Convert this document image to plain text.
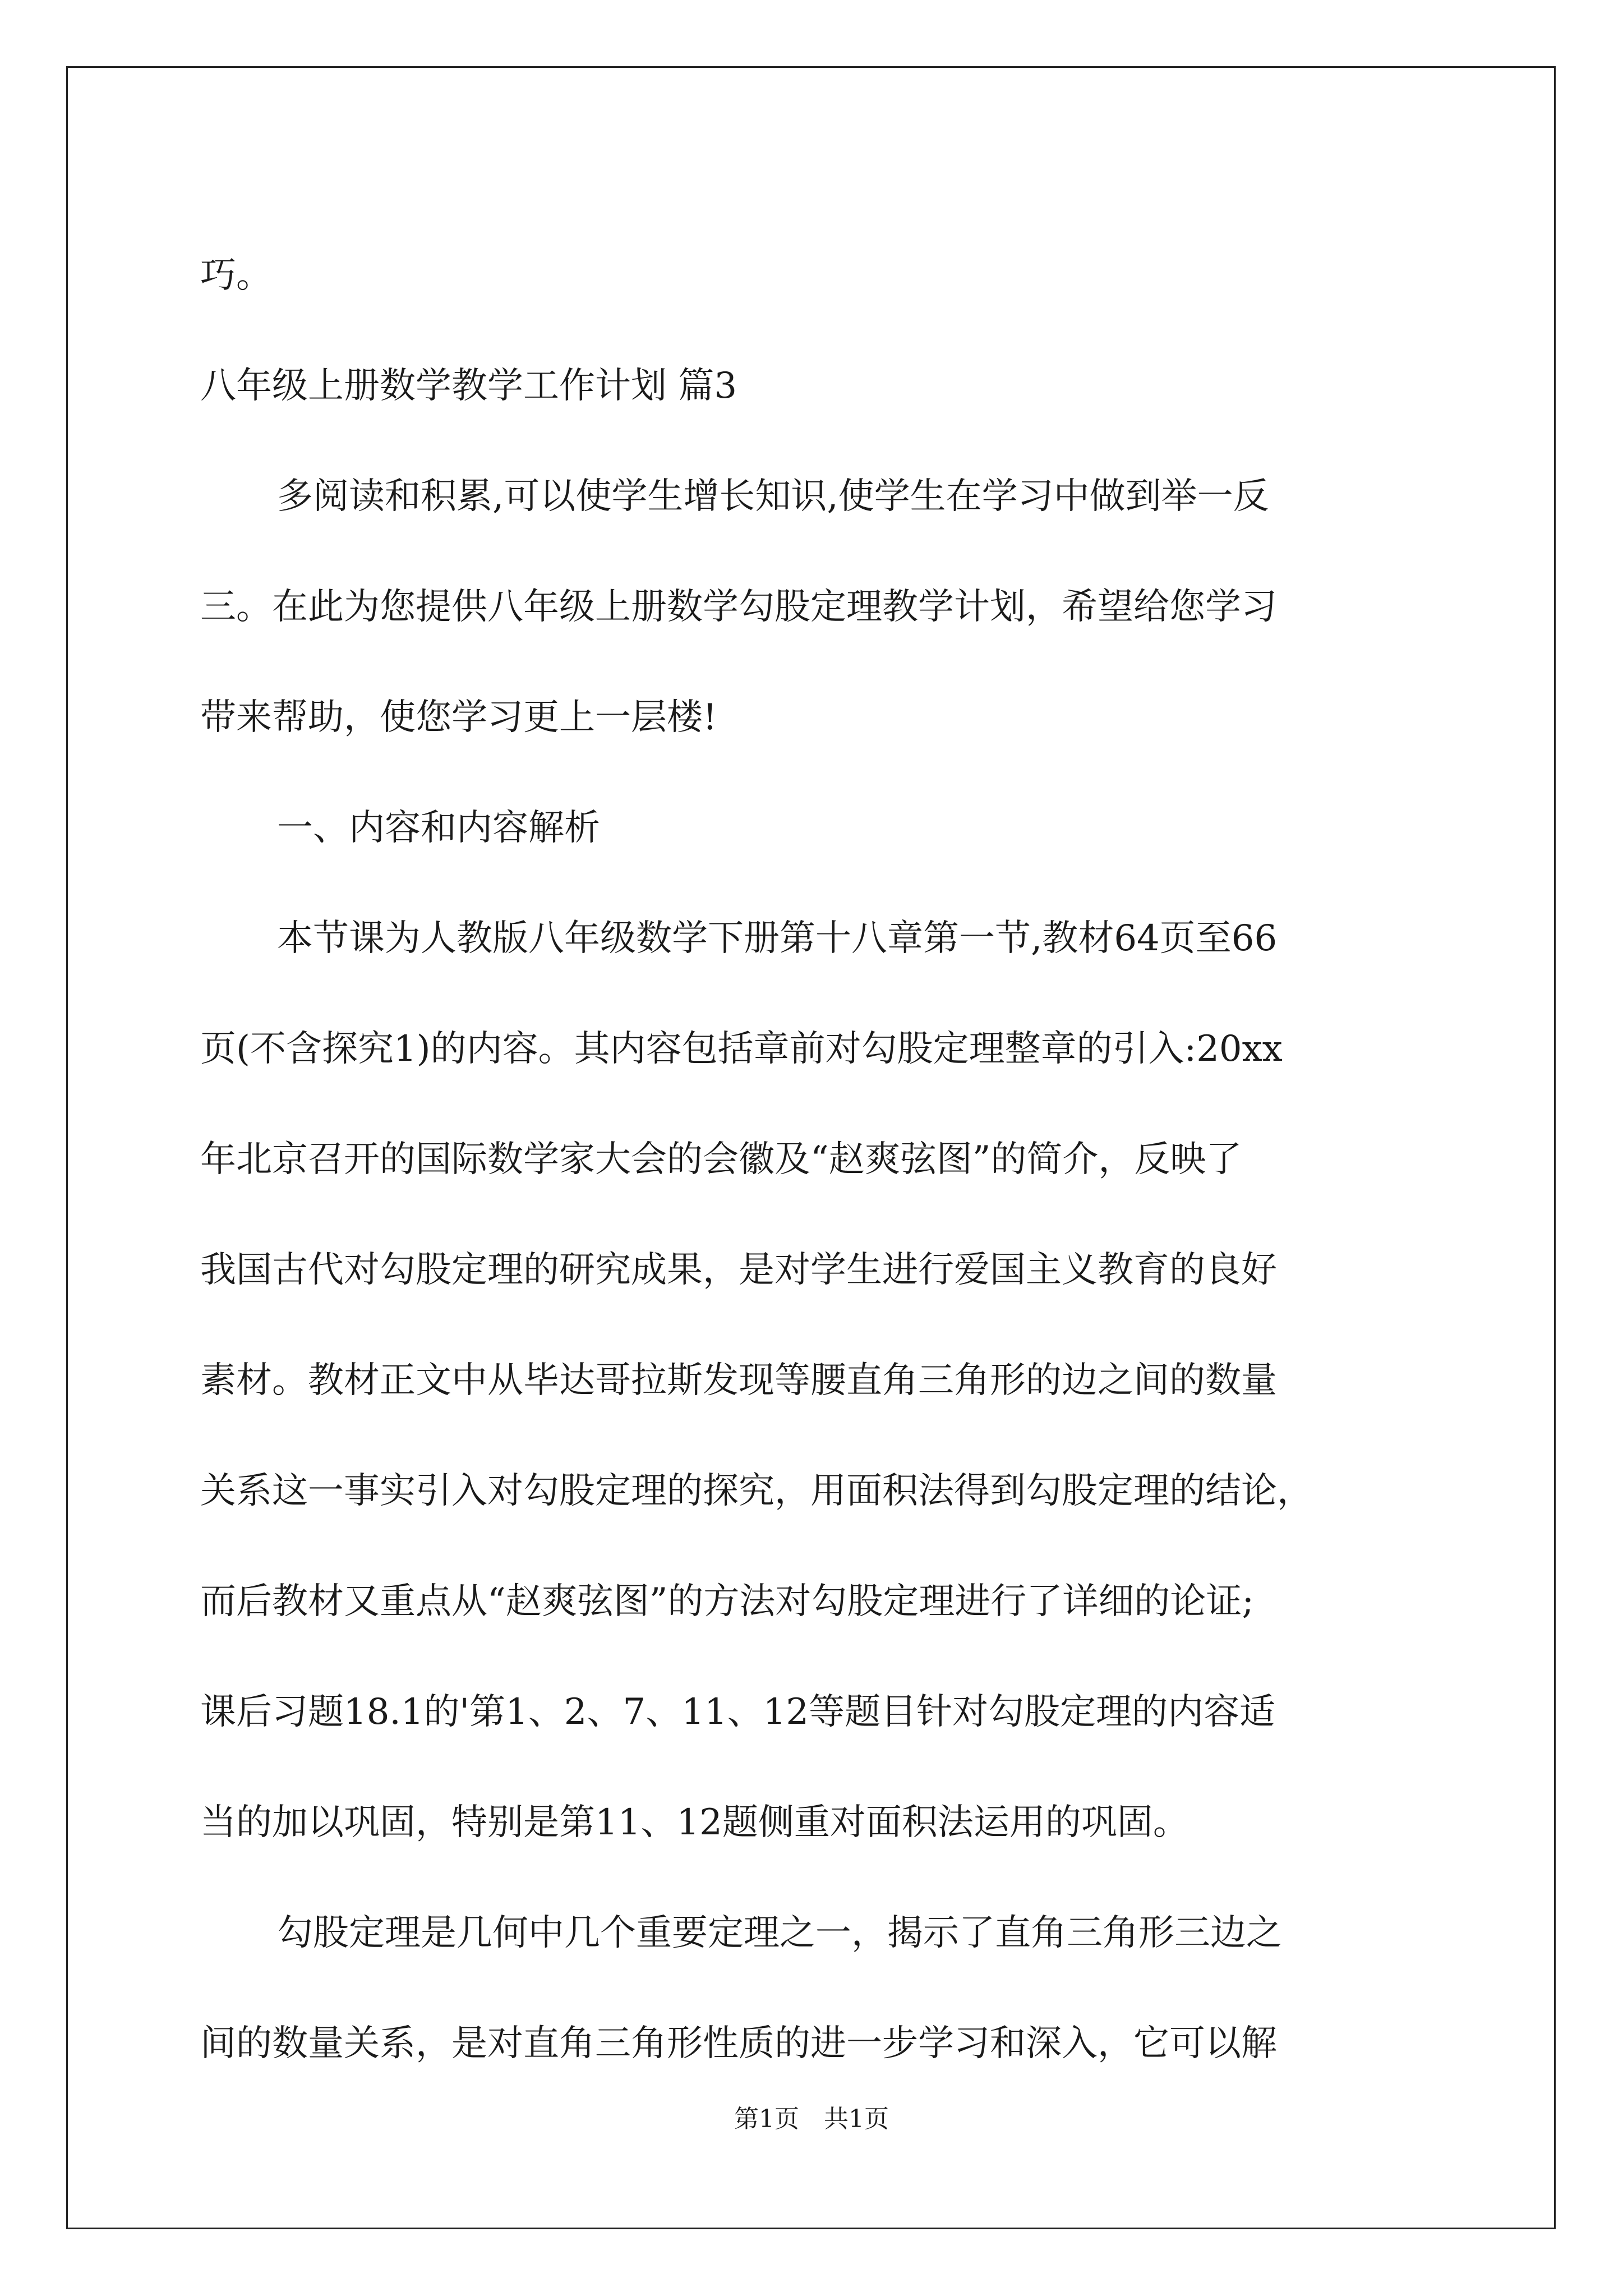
巧。
八年级上册数学教学工作计划 篇3
多阅读和积累,可以使学生增长知识,使学生在学习中做到举一反
三。在此为您提供八年级上册数学勾股定理教学计划，希望给您学习
带来帮助，使您学习更上一层楼!
一、内容和内容解析
本节课为人教版八年级数学下册第十八章第一节,教材64页至66
页(不含探究1)的内容。其内容包括章前对勾股定理整章的引入:20xx
年北京召开的国际数学家大会的会徽及“赵爽弦图”的简介，反映了
我国古代对勾股定理的研究成果，是对学生进行爱国主义教育的良好
素材。教材正文中从毕达哥拉斯发现等腰直角三角形的边之间的数量
关系这一事实引入对勾股定理的探究，用面积法得到勾股定理的结论，
而后教材又重点从“赵爽弦图”的方法对勾股定理进行了详细的论证;
课后习题18.1的'第1、2、7、11、12等题目针对勾股定理的内容适
当的加以巩固，特别是第11、12题侧重对面积法运用的巩固。
勾股定理是几何中几个重要定理之一，揭示了直角三角形三边之
间的数量关系，是对直角三角形性质的进一步学习和深入，它可以解
第1页 共1页
